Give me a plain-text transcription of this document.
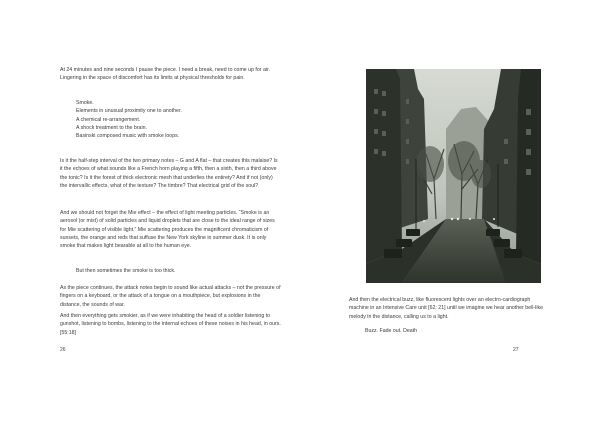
At 24 minutes and nine seconds I pause the piece. I need a break, need to come up for air. Lingering in the space of discomfort has its limits at physical thresholds for pain.

Smoke.

Elements in unusual proximity one to another.

A chemical re-arrangement.

A shock treatment to the brain.

Basinski composed music with smoke loops.

Is it the half-step interval of the two primary notes – G and A flat – that creates this malaise? Is it the echoes of what sounds like a French horn playing a fifth, then a sixth, then a third above the tonic? Is it the forest of thick electronic mesh that underlies the entirety? And if not (only) the intervallic effects, what of the texture? The timbre? That electrical grid of the soul?

And we should not forget the Mie effect – the effect of light meeting particles. “Smoke is an aerosol (or mist) of solid particles and liquid droplets that are close to the ideal range of sizes for Mie scattering of visible light.” Mie scattering produces the magnificent chromaticism of sunsets, the orange and reds that suffuse the New York skyline in summer dusk. It is only smoke that makes light bearable at all to the human eye.

But then sometimes the smoke is too thick.

As the piece continues, the attack notes begin to sound like actual attacks – not the pressure of fingers on a keyboard, or the attack of a tongue on a mouthpiece, but explosions in the distance, the sounds of war.

And then everything gets smokier, as if we were inhabiting the head of a soldier listening to gunshot, listening to bombs, listening to the internal echoes of these noises in his head, in ours. [55:18]

26

And then the electrical buzz, like fluorescent lights over an electro-cardiograph machine in an Intensive Care unit [62: 21] until we imagine we hear another bell-like melody in the distance, calling us to a light.

Buzz. Fade out. Death

27
